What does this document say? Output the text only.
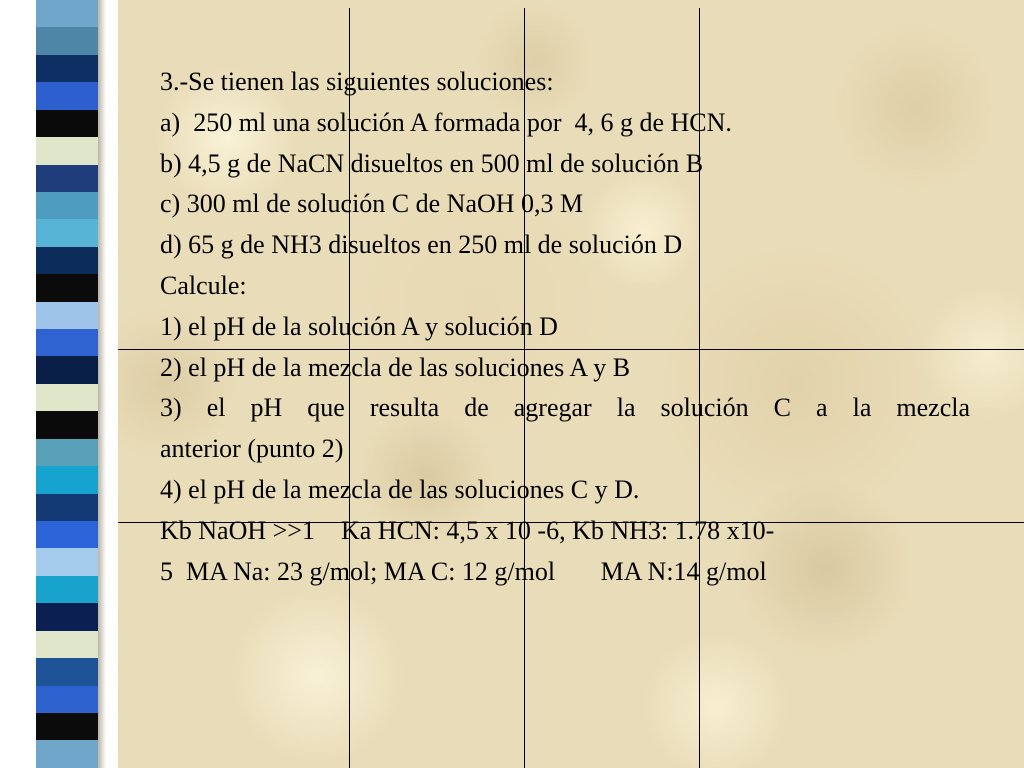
3.-Se tienen las siguientes soluciones:

a)  250 ml una solución A formada por  4, 6 g de HCN.

b) 4,5 g de NaCN disueltos en 500 ml de solución B

c) 300 ml de solución C de NaOH 0,3 M

d) 65 g de NH3 disueltos en 250 ml de solución D

Calcule:

1) el pH de la solución A y solución D

2) el pH de la mezcla de las soluciones A y B

3) el pH que resulta de agregar la solución C a la mezcla

anterior (punto 2)

4) el pH de la mezcla de las soluciones C y D.

Kb NaOH >>1    Ka HCN: 4,5 x 10 -6, Kb NH3: 1.78 x10-

5  MA Na: 23 g/mol; MA C: 12 g/mol       MA N:14 g/mol
